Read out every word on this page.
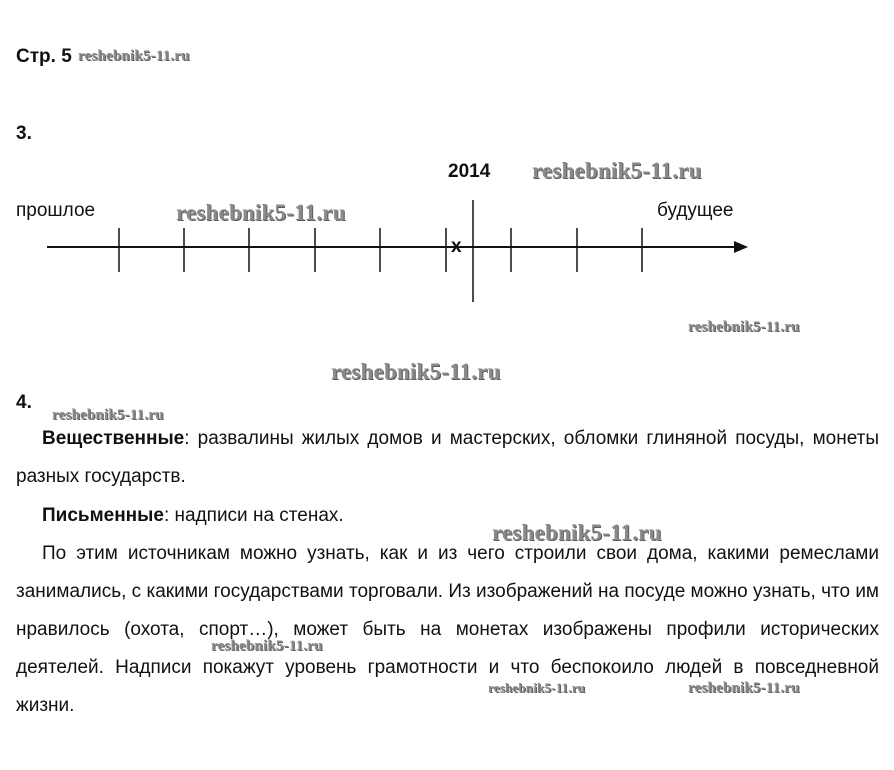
Стр. 5 reshebnik5-11.ru
3.
2014 reshebnik5-11.ru
прошлое	reshebnik5-11.ru	будущее
х
reshebnik5-11.ru
reshebnik5-11.ru
4.
reshebnik5-11.ru
Вещественные: развалины жилых домов и мастерских, обломки глиняной посуды, монеты разных государств.
Письменные: надписи на стенах.
reshebnik5-11.ru
По этим источникам можно узнать, как и из чего строили свои дома, какими ремеслами занимались, с какими государствами торговали. Из изображений на посуде можно узнать, что им нравилось (охота, спорт…), может быть на монетах изображены профили исторических деятелей. Надписи покажут уровень грамотности и что беспокоило людей в повседневной жизни.
reshebnik5-11.ru
reshebnik5-11.ru	reshebnik5-11.ru
